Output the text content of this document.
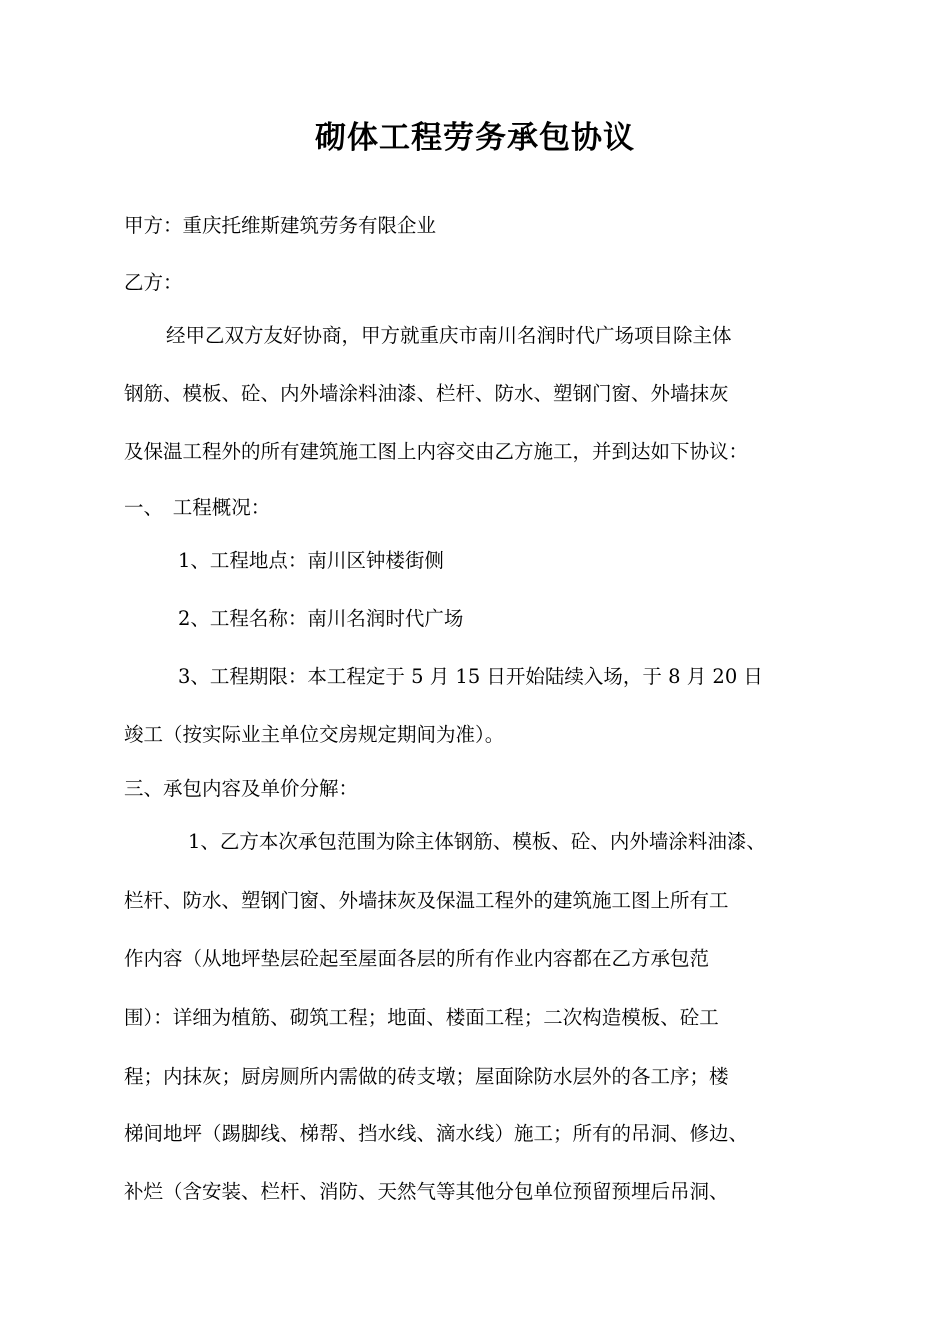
砌体工程劳务承包协议
甲方：重庆托维斯建筑劳务有限企业
乙方：
经甲乙双方友好协商，甲方就重庆市南川名润时代广场项目除主体
钢筋、模板、砼、内外墙涂料油漆、栏杆、防水、塑钢门窗、外墙抹灰
及保温工程外的所有建筑施工图上内容交由乙方施工，并到达如下协议：
一、　工程概况：
1、工程地点：南川区钟楼街侧
2、工程名称：南川名润时代广场
3、工程期限：本工程定于 5 月 15 日开始陆续入场，于 8 月 20 日
竣工（按实际业主单位交房规定期间为准）。
三、承包内容及单价分解：
1、乙方本次承包范围为除主体钢筋、模板、砼、内外墙涂料油漆、
栏杆、防水、塑钢门窗、外墙抹灰及保温工程外的建筑施工图上所有工
作内容（从地坪垫层砼起至屋面各层的所有作业内容都在乙方承包范
围）：详细为植筋、砌筑工程；地面、楼面工程；二次构造模板、砼工
程；内抹灰；厨房厕所内需做的砖支墩；屋面除防水层外的各工序；楼
梯间地坪（踢脚线、梯帮、挡水线、滴水线）施工；所有的吊洞、修边、
补烂（含安装、栏杆、消防、天然气等其他分包单位预留预埋后吊洞、
